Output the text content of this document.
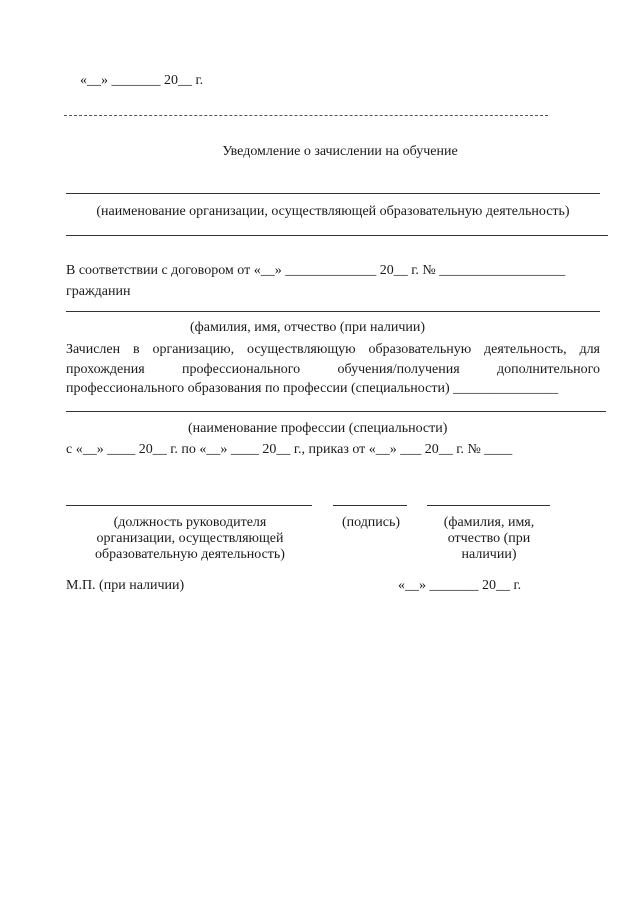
«__» _______ 20__ г.
Уведомление о зачислении на обучение
(наименование организации, осуществляющей образовательную деятельность)
В соответствии с договором от «__» _____________ 20__ г. № __________________
гражданин
(фамилия, имя, отчество (при наличии)
Зачислен в организацию, осуществляющую образовательную деятельность, для
прохождения профессионального обучения/получения дополнительного
профессионального образования по профессии (специальности) _______________
(наименование профессии (специальности)
с «__» ____ 20__ г. по «__» ____ 20__ г., приказ от «__» ___ 20__ г. № ____
(должность руководителя
организации, осуществляющей
образовательную деятельность)
(подпись)	(фамилия, имя,
отчество (при
наличии)
М.П. (при наличии)	«__» _______ 20__ г.
